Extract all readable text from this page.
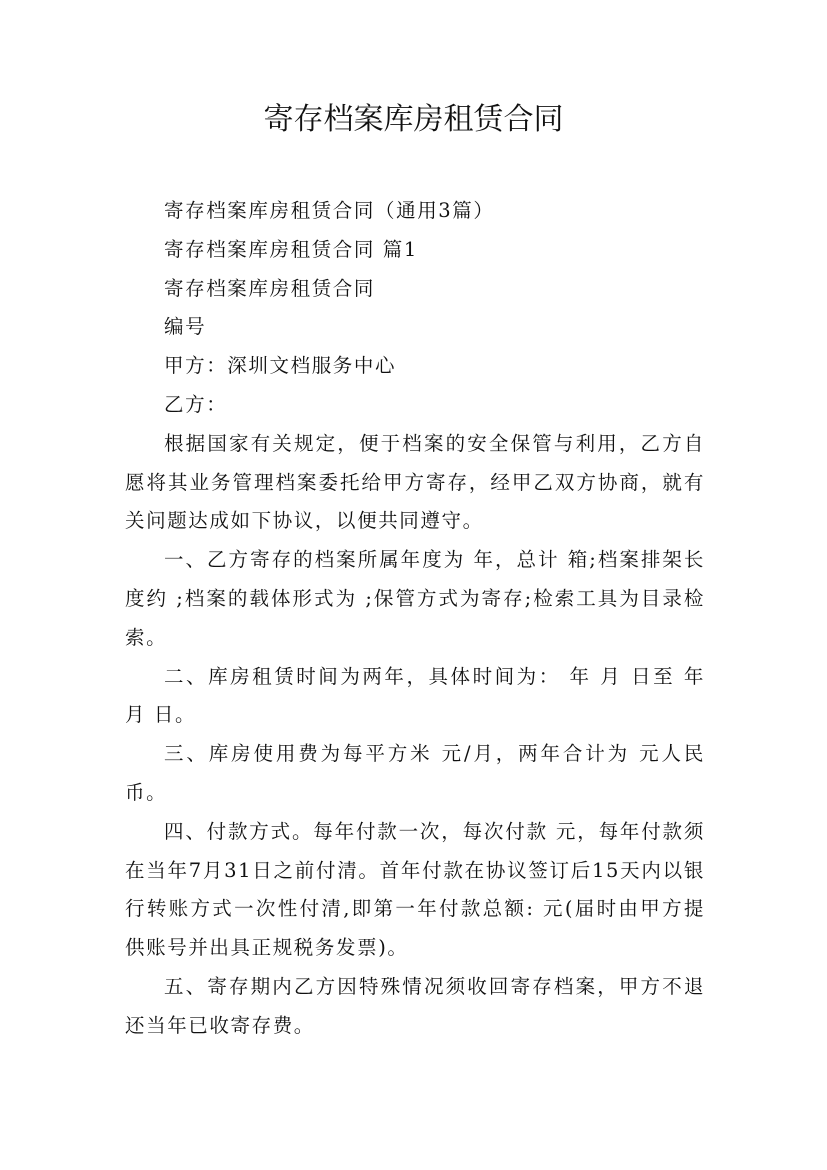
寄存档案库房租赁合同

寄存档案库房租赁合同（通用3篇）

寄存档案库房租赁合同 篇1

寄存档案库房租赁合同

编号

甲方：深圳文档服务中心

乙方：

根据国家有关规定，便于档案的安全保管与利用，乙方自愿将其业务管理档案委托给甲方寄存，经甲乙双方协商，就有关问题达成如下协议，以便共同遵守。

一、乙方寄存的档案所属年度为 年，总计 箱;档案排架长度约 ;档案的载体形式为 ;保管方式为寄存;检索工具为目录检索。

二、库房租赁时间为两年，具体时间为： 年 月 日至 年 月 日。

三、库房使用费为每平方米 元/月，两年合计为 元人民币。

四、付款方式。每年付款一次，每次付款 元，每年付款须在当年7月31日之前付清。首年付款在协议签订后15天内以银行转账方式一次性付清,即第一年付款总额: 元(届时由甲方提供账号并出具正规税务发票)。

五、寄存期内乙方因特殊情况须收回寄存档案，甲方不退还当年已收寄存费。
